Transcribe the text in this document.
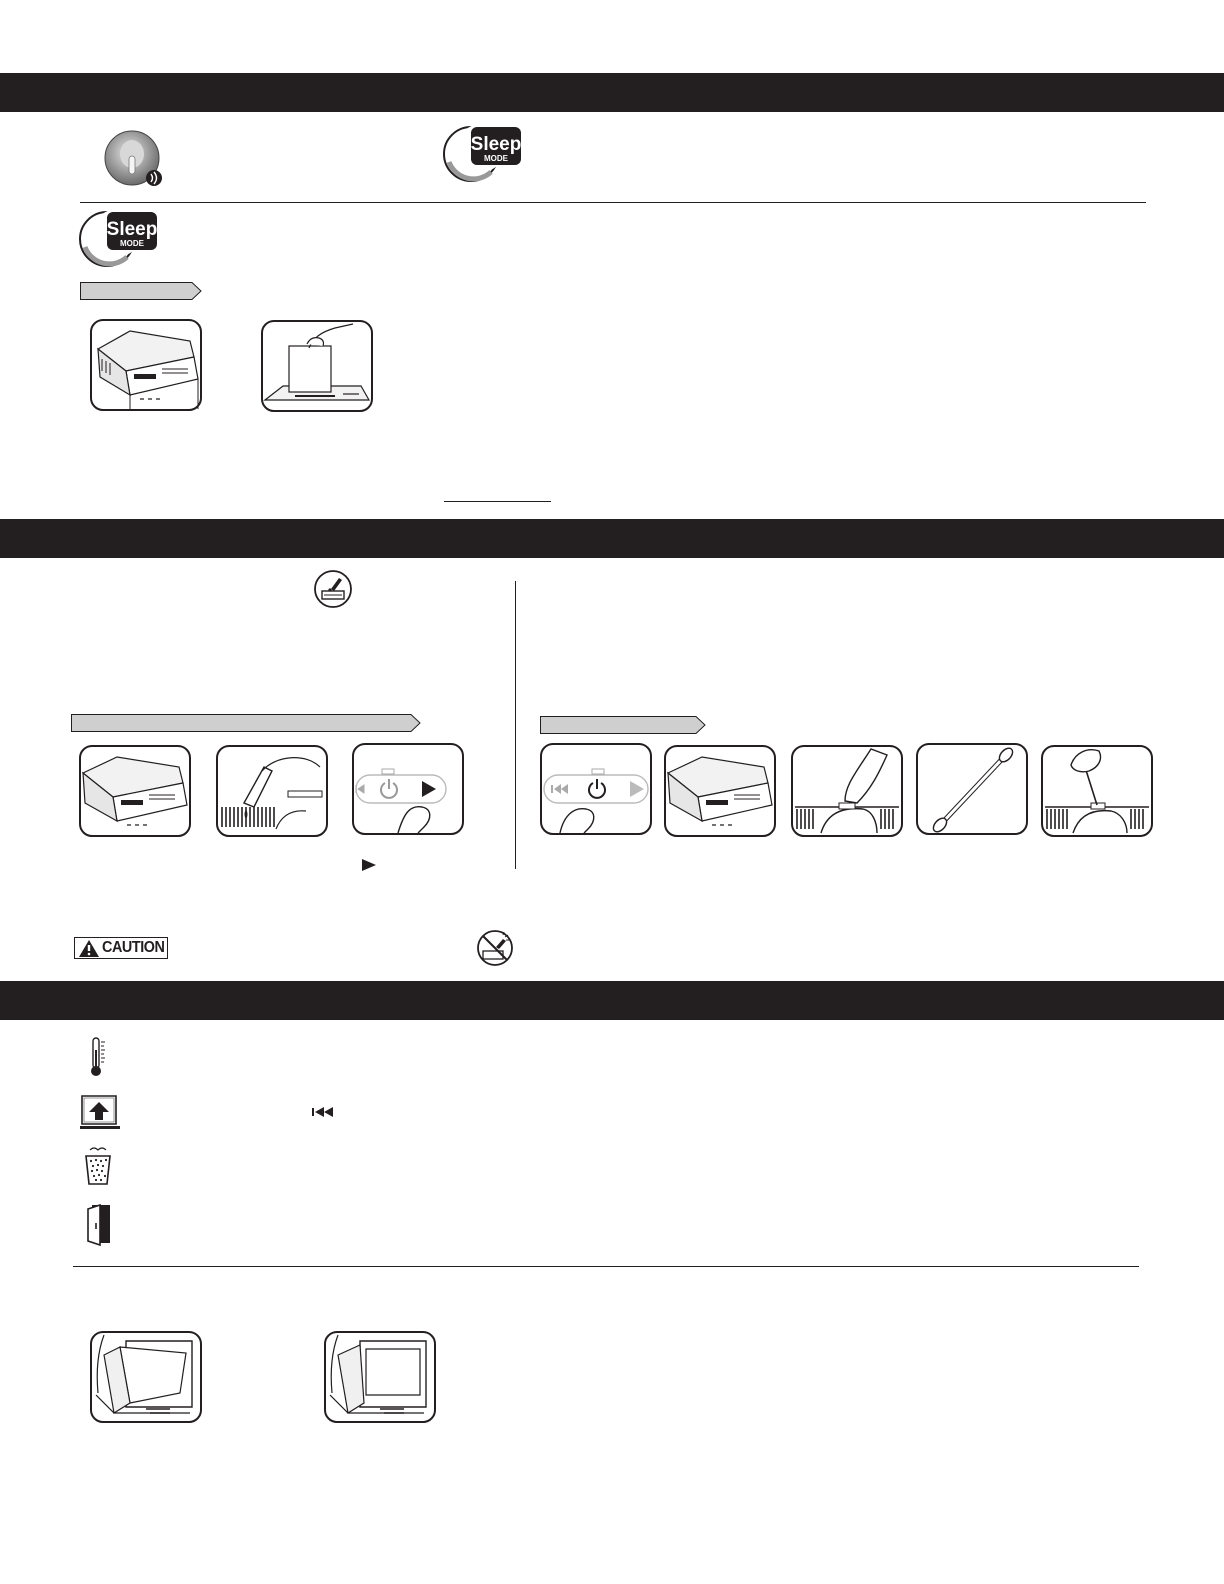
Sleep
MODE
Sleep
MODE
CAUTION
